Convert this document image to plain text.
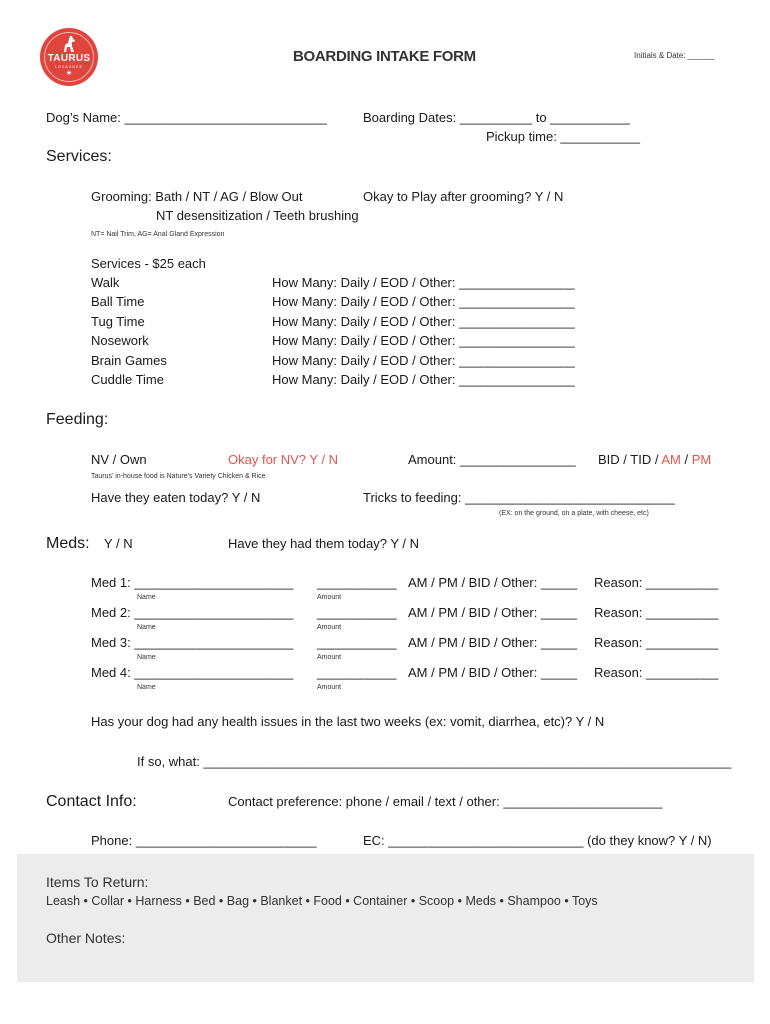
TAURUS
LOCAUNGE
★
BOARDING INTAKE FORM	Initials & Date: ______
Dog’s Name: ____________________________	Boarding Dates: __________ to ___________
Pickup time: ___________
Services:
Grooming: Bath / NT / AG / Blow Out	Okay to Play after grooming? Y / N
NT desensitization / Teeth brushing
NT= Nail Trim, AG= Anal Gland Expression
Services - $25 each
Walk	How Many: Daily / EOD / Other: ________________
Ball Time	How Many: Daily / EOD / Other: ________________
Tug Time	How Many: Daily / EOD / Other: ________________
Nosework	How Many: Daily / EOD / Other: ________________
Brain Games	How Many: Daily / EOD / Other: ________________
Cuddle Time	How Many: Daily / EOD / Other: ________________
Feeding:
NV / Own	Okay for NV? Y / N	Amount: ________________ BID / TID / AM / PM
Taurus’ in-house food is Nature’s Variety Chicken & Rice
Have they eaten today? Y / N	Tricks to feeding: _____________________________
(EX: on the ground, on a plate, with cheese, etc)
Meds: Y / N	Have they had them today? Y / N
Med 1: ______________________ ___________ AM / PM / BID / Other: _____ Reason: __________
Name	Amount
Med 2: ______________________ ___________ AM / PM / BID / Other: _____ Reason: __________
Name	Amount
Med 3: ______________________ ___________ AM / PM / BID / Other: _____ Reason: __________
Name	Amount
Med 4: ______________________ ___________ AM / PM / BID / Other: _____ Reason: __________
Name	Amount
Has your dog had any health issues in the last two weeks (ex: vomit, diarrhea, etc)? Y / N
If so, what: _________________________________________________________________________
Contact Info:	Contact preference: phone / email / text / other: ______________________
Phone: _________________________	EC: ___________________________ (do they know? Y / N)
Items To Return:
Leash • Collar • Harness • Bed • Bag • Blanket • Food • Container • Scoop • Meds • Shampoo • Toys
Other Notes:
